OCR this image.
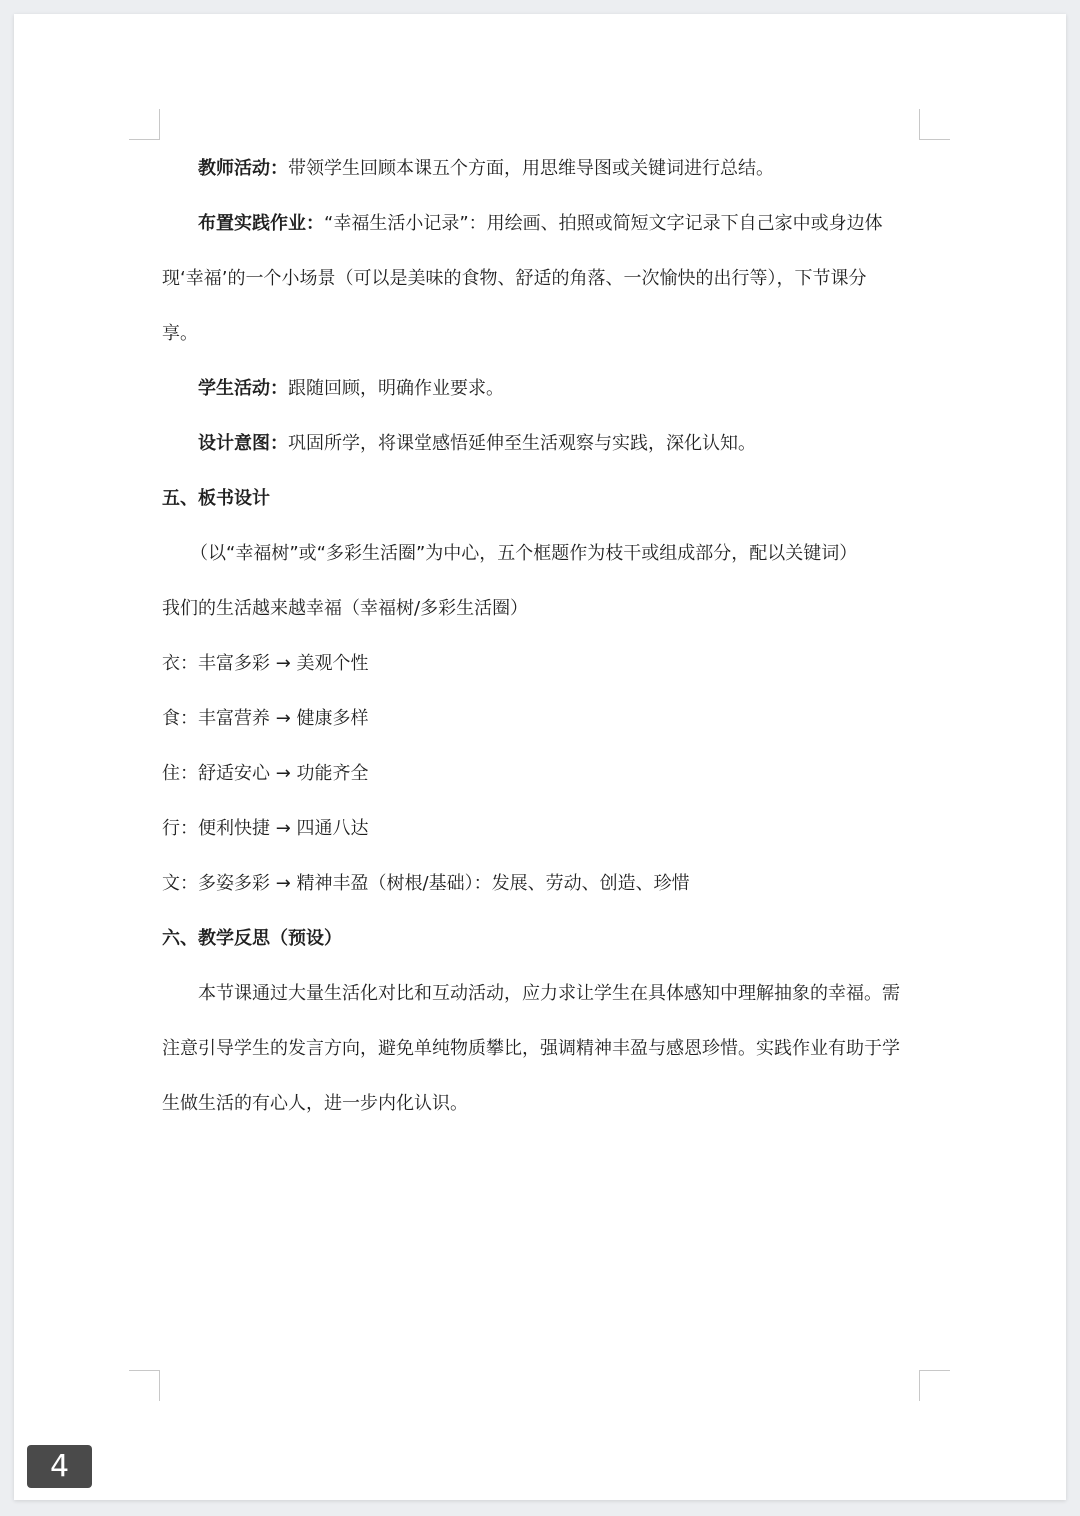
教师活动：带领学生回顾本课五个方面，用思维导图或关键词进行总结。
布置实践作业：“幸福生活小记录”：用绘画、拍照或简短文字记录下自己家中或身边体
现‘幸福’的一个小场景（可以是美味的食物、舒适的角落、一次愉快的出行等），下节课分
享。
学生活动：跟随回顾，明确作业要求。
设计意图：巩固所学，将课堂感悟延伸至生活观察与实践，深化认知。
五、板书设计
（以“幸福树”或“多彩生活圈”为中心，五个框题作为枝干或组成部分，配以关键词）
我们的生活越来越幸福（幸福树/多彩生活圈）
衣：丰富多彩 → 美观个性
食：丰富营养 → 健康多样
住：舒适安心 → 功能齐全
行：便利快捷 → 四通八达
文：多姿多彩 → 精神丰盈（树根/基础）：发展、劳动、创造、珍惜
六、教学反思（预设）
本节课通过大量生活化对比和互动活动，应力求让学生在具体感知中理解抽象的幸福。需
注意引导学生的发言方向，避免单纯物质攀比，强调精神丰盈与感恩珍惜。实践作业有助于学
生做生活的有心人，进一步内化认识。
4
